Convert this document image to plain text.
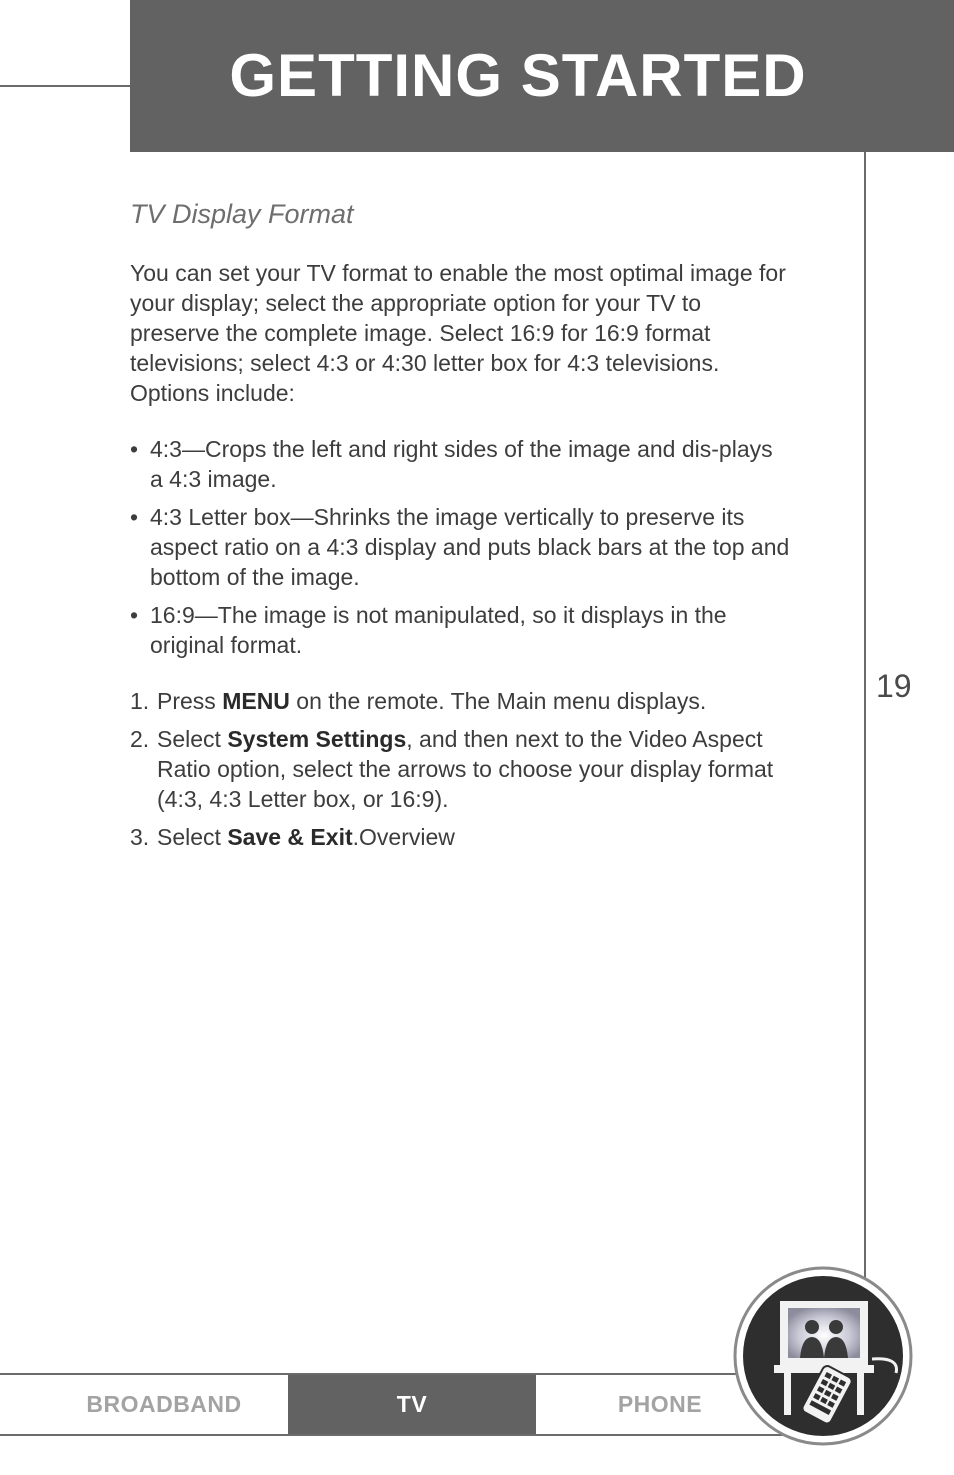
GETTING STARTED
19
TV Display Format
You can set your TV format to enable the most optimal image for your display; select the appropriate option for your TV to preserve the complete image. Select 16:9 for 16:9 format televisions; select 4:3 or 4:30 letter box for 4:3 televisions. Options include:
• 4:3—Crops the left and right sides of the image and dis-plays a 4:3 image.
• 4:3 Letter box—Shrinks the image vertically to preserve its aspect ratio on a 4:3 display and puts black bars at the top and bottom of the image.
• 16:9—The image is not manipulated, so it displays in the original format.
1. Press MENU on the remote. The Main menu displays.
2. Select System Settings, and then next to the Video Aspect Ratio option, select the arrows to choose your display format (4:3, 4:3 Letter box, or 16:9).
3. Select Save & Exit.Overview
BROADBAND	TV	PHONE
